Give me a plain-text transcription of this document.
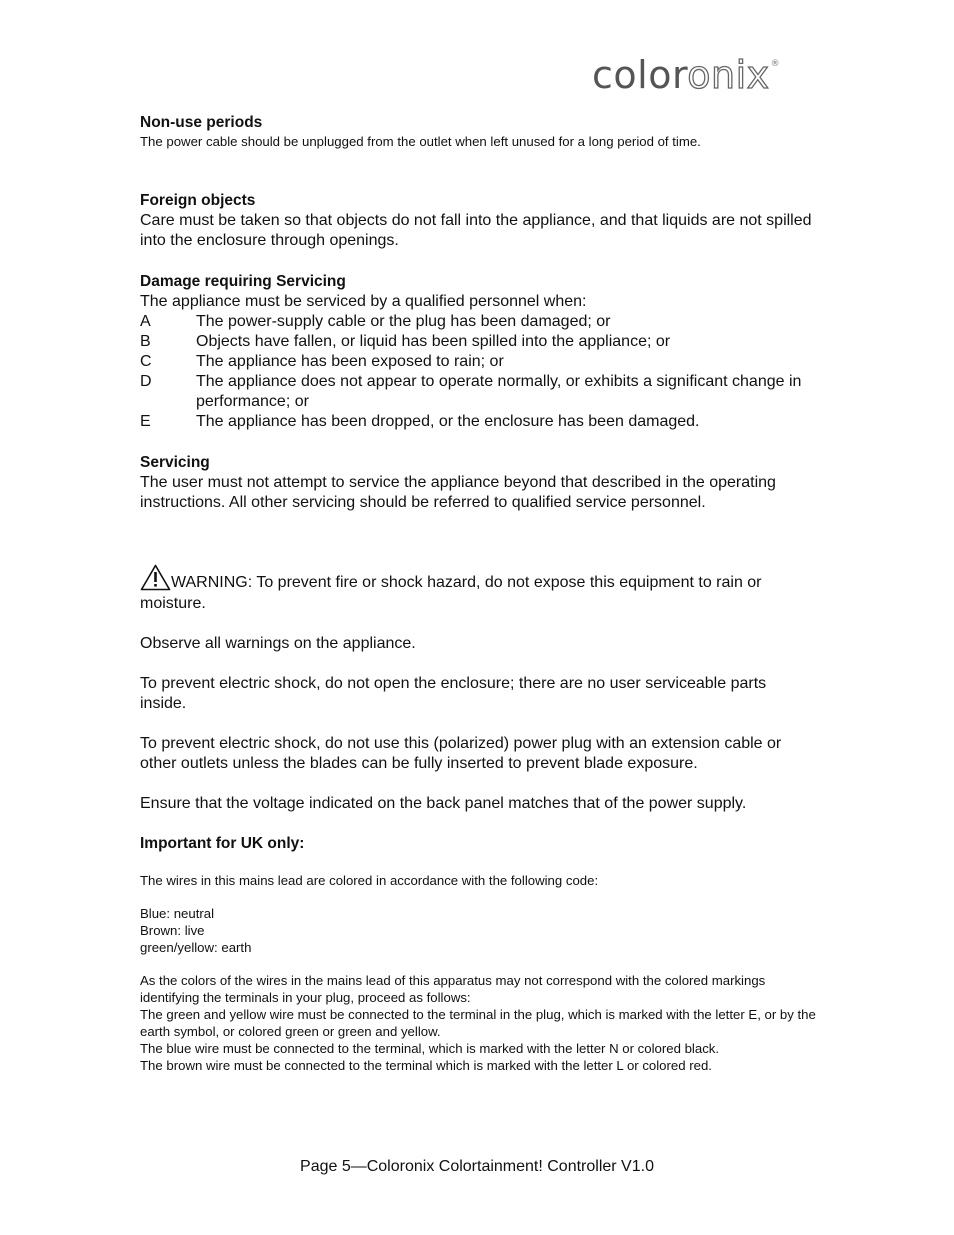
coloronix®

Non-use periods

The power cable should be unplugged from the outlet when left unused for a long period of time.

Foreign objects

Care must be taken so that objects do not fall into the appliance, and that liquids are not spilled into the enclosure through openings.

Damage requiring Servicing

The appliance must be serviced by a qualified personnel when:

A	The power-supply cable or the plug has been damaged; or
B	Objects have fallen, or liquid has been spilled into the appliance; or
C	The appliance has been exposed to rain; or
D	The appliance does not appear to operate normally, or exhibits a significant change in performance; or
E	The appliance has been dropped, or the enclosure has been damaged.

Servicing

The user must not attempt to service the appliance beyond that described in the operating instructions. All other servicing should be referred to qualified service personnel.

WARNING: To prevent fire or shock hazard, do not expose this equipment to rain or moisture.

Observe all warnings on the appliance.

To prevent electric shock, do not open the enclosure; there are no user serviceable parts inside.

To prevent electric shock, do not use this (polarized) power plug with an extension cable or other outlets unless the blades can be fully inserted to prevent blade exposure.

Ensure that the voltage indicated on the back panel matches that of the power supply.

Important for UK only:

The wires in this mains lead are colored in accordance with the following code:

Blue: neutral

Brown: live

green/yellow: earth

As the colors of the wires in the mains lead of this apparatus may not correspond with the colored markings identifying the terminals in your plug, proceed as follows:

The green and yellow wire must be connected to the terminal in the plug, which is marked with the letter E, or by the earth symbol, or colored green or green and yellow.

The blue wire must be connected to the terminal, which is marked with the letter N or colored black.

The brown wire must be connected to the terminal which is marked with the letter L or colored red.

Page 5—Coloronix Colortainment! Controller V1.0
